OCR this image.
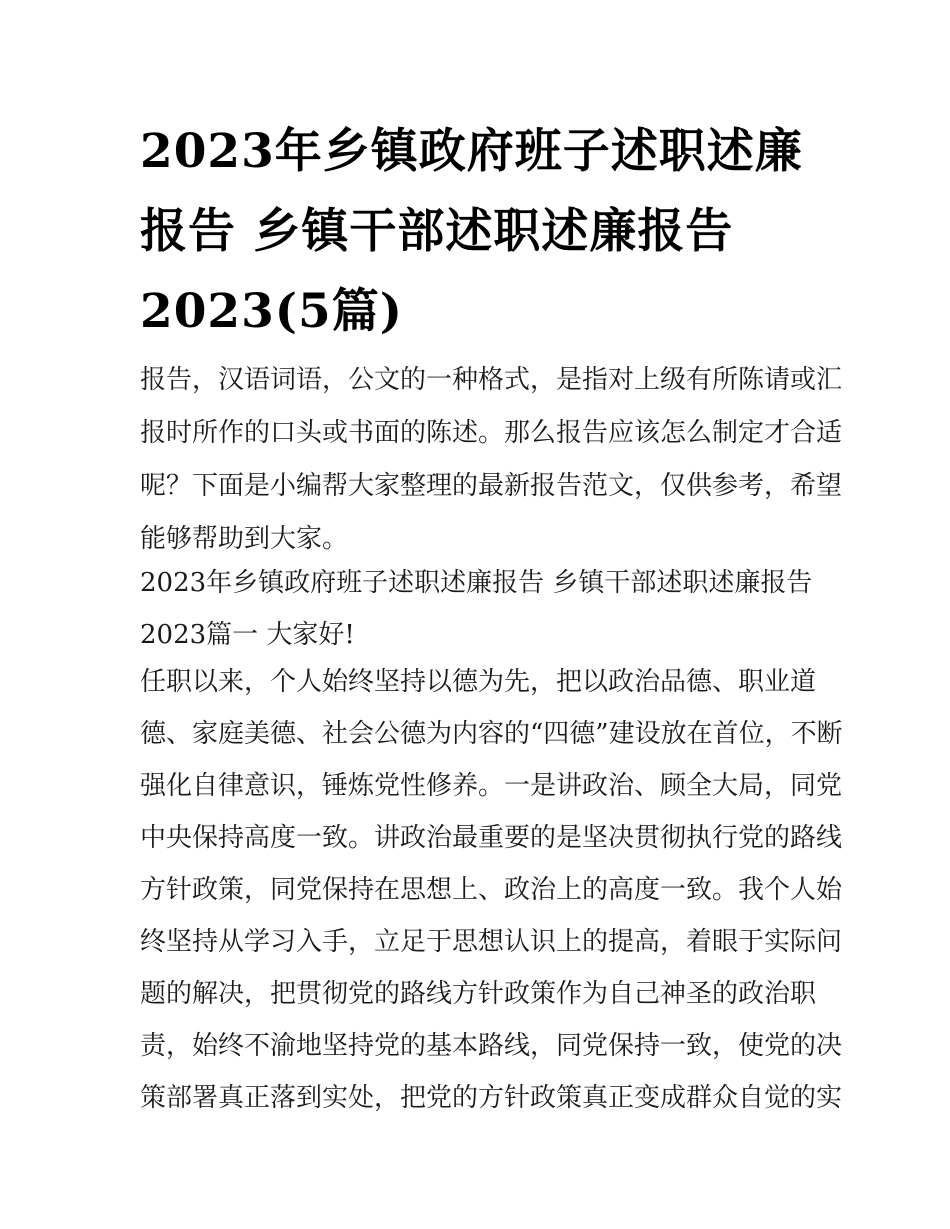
2023年乡镇政府班子述职述廉
报告 乡镇干部述职述廉报告
2023(5篇)
报告，汉语词语，公文的一种格式，是指对上级有所陈请或汇
报时所作的口头或书面的陈述。那么报告应该怎么制定才合适
呢？下面是小编帮大家整理的最新报告范文，仅供参考，希望
能够帮助到大家。
2023年乡镇政府班子述职述廉报告 乡镇干部述职述廉报告
2023篇一 大家好!
任职以来，个人始终坚持以德为先，把以政治品德、职业道
德、家庭美德、社会公德为内容的“四德”建设放在首位，不断
强化自律意识，锤炼党性修养。一是讲政治、顾全大局，同党
中央保持高度一致。讲政治最重要的是坚决贯彻执行党的路线
方针政策，同党保持在思想上、政治上的高度一致。我个人始
终坚持从学习入手，立足于思想认识上的提高，着眼于实际问
题的解决，把贯彻党的路线方针政策作为自己神圣的政治职
责，始终不渝地坚持党的基本路线，同党保持一致，使党的决
策部署真正落到实处，把党的方针政策真正变成群众自觉的实
